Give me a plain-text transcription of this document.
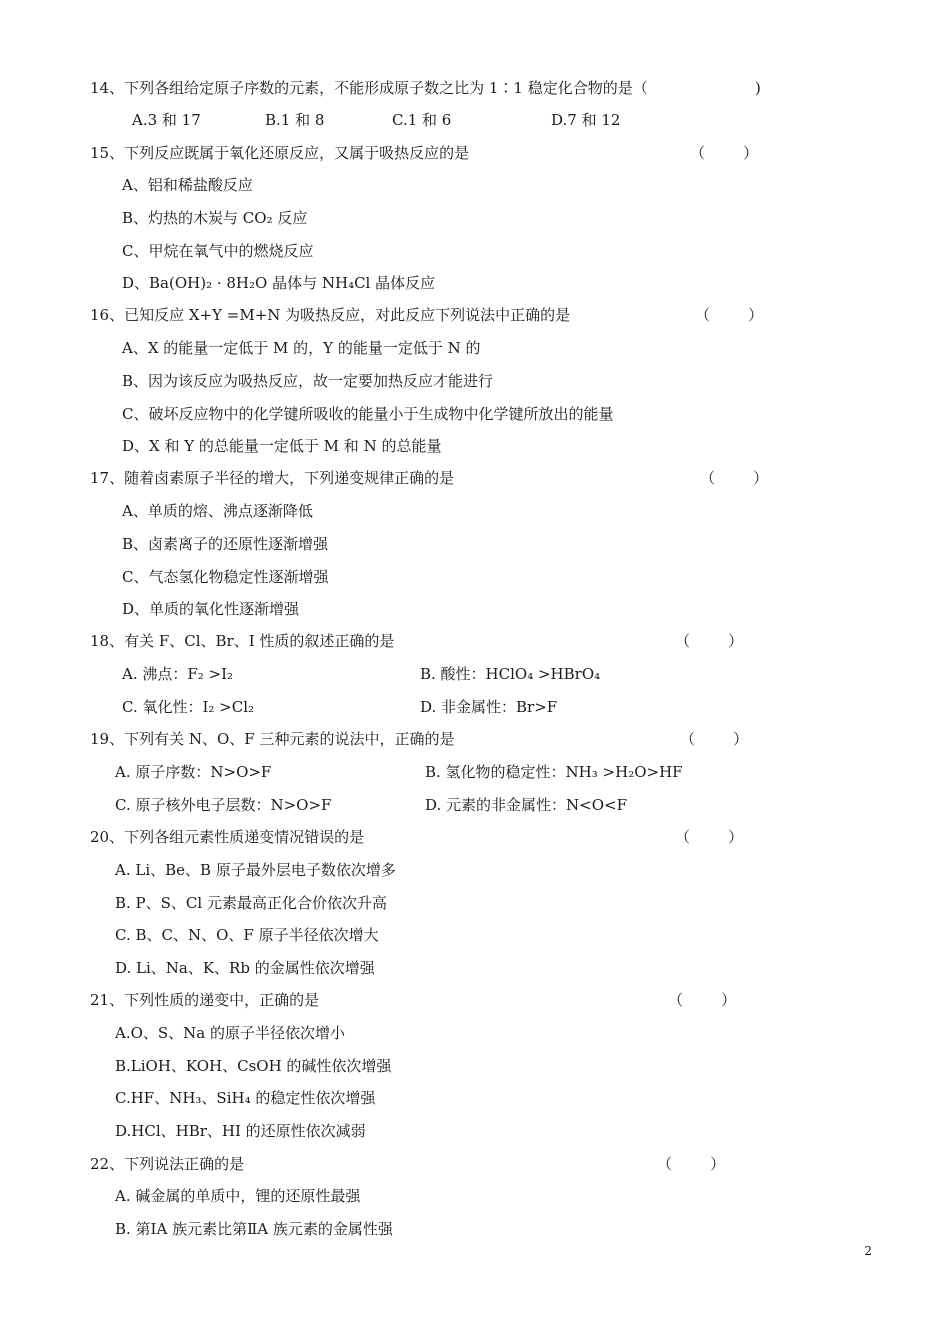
14、下列各组给定原子序数的元素，不能形成原子数之比为 1∶1 稳定化合物的是（	)
A.3 和 17	B.1 和 8	C.1 和 6	D.7 和 12
15、下列反应既属于氧化还原反应，又属于吸热反应的是	（        ）
A、铝和稀盐酸反应
B、灼热的木炭与 CO₂ 反应
C、甲烷在氧气中的燃烧反应
D、Ba(OH)₂ · 8H₂O 晶体与 NH₄Cl 晶体反应
16、已知反应 X+Y =M+N 为吸热反应，对此反应下列说法中正确的是	（        ）
A、X 的能量一定低于 M 的，Y 的能量一定低于 N 的
B、因为该反应为吸热反应，故一定要加热反应才能进行
C、破坏反应物中的化学键所吸收的能量小于生成物中化学键所放出的能量
D、X 和 Y 的总能量一定低于 M 和 N 的总能量
17、随着卤素原子半径的增大，下列递变规律正确的是	（        ）
A、单质的熔、沸点逐渐降低
B、卤素离子的还原性逐渐增强
C、气态氢化物稳定性逐渐增强
D、单质的氧化性逐渐增强
18、有关 F、Cl、Br、I 性质的叙述正确的是	（        ）
A. 沸点：F₂ >I₂	B. 酸性：HClO₄ >HBrO₄
C. 氧化性：I₂ >Cl₂	D. 非金属性：Br>F
19、下列有关 N、O、F 三种元素的说法中，正确的是	（        ）
A. 原子序数：N>O>F	B. 氢化物的稳定性：NH₃ >H₂O>HF
C. 原子核外电子层数：N>O>F	D. 元素的非金属性：N<O<F
20、下列各组元素性质递变情况错误的是	（        ）
A. Li、Be、B 原子最外层电子数依次增多
B. P、S、Cl 元素最高正化合价依次升高
C. B、C、N、O、F 原子半径依次增大
D. Li、Na、K、Rb 的金属性依次增强
21、下列性质的递变中，正确的是	（        ）
A.O、S、Na 的原子半径依次增小
B.LiOH、KOH、CsOH 的碱性依次增强
C.HF、NH₃、SiH₄ 的稳定性依次增强
D.HCl、HBr、HI 的还原性依次减弱
22、下列说法正确的是	（        ）
A. 碱金属的单质中，锂的还原性最强
B. 第ⅠA 族元素比第ⅡA 族元素的金属性强
2
